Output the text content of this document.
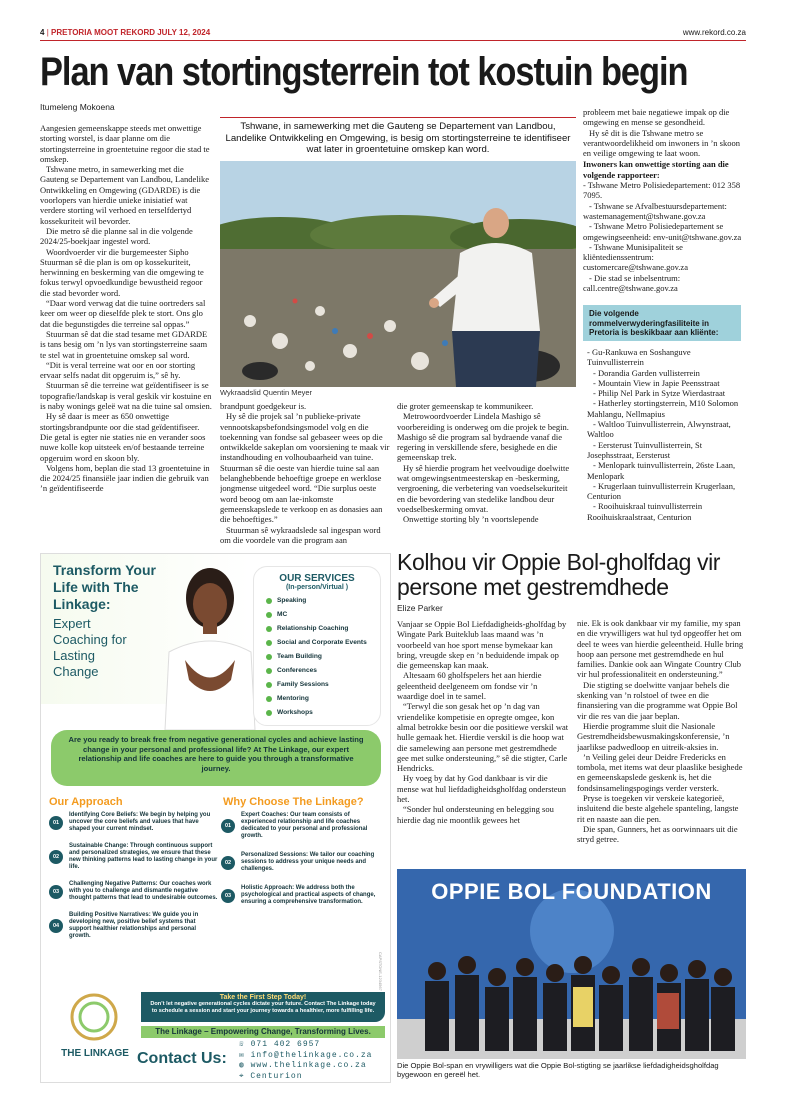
4 | PRETORIA MOOT REKORD JULY 12, 2024	www.rekord.co.za
Plan van stortingsterrein tot kostuin begin
Itumeleng Mokoena

Aangesien gemeenskappe steeds met onwettige storting worstel, is daar planne om die stortingsterreine in groentetuine regoor die stad te omskep.

Tshwane metro, in samewerking met die Gauteng se Departement van Landbou, Landelike Ontwikkeling en Omgewing (GDARDE) is die voorlopers van hierdie unieke inisiatief wat verdere storting wil verhoed en terselfdertyd kossekuriteit wil bevorder.

Die metro sê die planne sal in die volgende 2024/25-boekjaar ingestel word.

Woordvoerder vir die burgemeester Sipho Stuurman sê die plan is om op kossekuriteit, herwinning en beskerming van die omgewing te fokus terwyl opvoedkundige bewustheid regoor die stad bevorder word.

“Daar word verwag dat die tuine oortreders sal keer om weer op dieselfde plek te stort. Ons glo dat die begunstigdes die terreine sal oppas.”

Stuurman sê dat die stad tesame met GDARDE is tans besig om ’n lys van stortingsterreine saam te stel wat in groentetuine omskep sal word.

“Dit is veral terreine wat oor en oor storting ervaar selfs nadat dit opgeruim is,” sê hy.

Stuurman sê die terreine wat geïdentifiseer is se topografie/landskap is veral geskik vir kostuine en is naby wonings geleë wat na die tuine sal omsien.

Hy sê daar is meer as 650 onwettige stortingsbrandpunte oor die stad geïdentifiseer. Die getal is egter nie staties nie en verander soos nuwe kolle kop uitsteek en/of bestaande terreine opgeruim word en skoon bly.

Volgens hom, beplan die stad 13 groentetuine in die 2024/25 finansiële jaar indien die gebruik van ’n geïdentifiseerde

Tshwane, in samewerking met die Gauteng se Departement van Landbou, Landelike Ontwikkeling en Omgewing, is besig om stortingsterreine te identifiseer wat later in groentetuine omskep kan word.
Wykraadslid Quentin Meyer

brandpunt goedgekeur is.

Hy sê die projek sal ’n publieke-private vennootskapsbefondsingsmodel volg en die toekenning van fondse sal gebaseer wees op die ontwikkelde sakeplan om voorsiening te maak vir instandhouding en volhoubaarheid van tuine. Stuurman sê die oeste van hierdie tuine sal aan belanghebbende behoeftige groepe en werklose jongmense uitgedeel word. “Die surplus oeste word beoog om aan lae-inkomste gemeenskapslede te verkoop en as donasies aan die behoeftiges.”

Stuurman sê wykraadslede sal ingespan word om die voordele van die program aan

die groter gemeenskap te kommunikeer.

Metrowoordvoerder Lindela Mashigo sê voorbereiding is onderweg om die projek te begin. Mashigo sê die program sal bydraende vanaf die regering in verskillende sfere, besighede en die gemeenskap trek.

Hy sê hierdie program het veelvoudige doelwitte wat omgewingsentmeesterskap en -beskerming, vergroening, die verbetering van voedselsekuriteit en die bevordering van stedelike landbou deur voedselbeskerming omvat.

Onwettige storting bly ’n voortslepende

probleem met baie negatiewe impak op die omgewing en mense se gesondheid.

Hy sê dit is die Tshwane metro se verantwoordelikheid om inwoners in ’n skoon en veilige omgewing te laat woon.

Inwoners kan onwettige storting aan die volgende rapporteer:

- Tshwane Metro Polisiedepartement: 012 358 7095.

- Tshwane se Afvalbestuursdepartement: wastemanagement@tshwane.gov.za

- Tshwane Metro Polisiedepartement se omgewingseenheid: env-unit@tshwane.gov.za

- Tshwane Munisipaliteit se kliëntedienssentrum: customercare@tshwane.gov.za

- Die stad se inbelsentrum: call.centre@tshwane.gov.za

Die volgende rommelverwyderingfasiliteite in Pretoria is beskikbaar aan kliënte:

- Gu-Rankuwa en Soshanguve Tuinvullisterrein

- Dorandia Garden vullisterrein

- Mountain View in Japie Peensstraat

- Philip Nel Park in Sytze Wierdastraat

- Hatherley stortingsterrein, M10 Solomon Mahlangu, Nellmapius

- Waltloo Tuinvullisterrein, Alwynstraat, Waltloo

- Eersterust Tuinvullisterrein, St Josephsstraat, Eersterust

- Menlopark tuinvullisterrein, 26ste Laan, Menlopark

- Krugerlaan tuinvullisterrein Krugerlaan, Centurion

- Rooihuiskraal tuinvullisterrein Rooihuiskraalstraat, Centurion

Transform Your Life with The Linkage:
Expert Coaching for Lasting Change
OUR SERVICES
(In-person/Virtual )
Speaking
MC
Relationship Coaching
Social and Corporate Events
Team Building
Conferences
Family Sessions
Mentoring
Workshops
Are you ready to break free from negative generational cycles and achieve lasting change in your personal and professional life? At The Linkage, our expert relationship and life coaches are here to guide you through a transformative journey.
Our Approach
01
Identifying Core Beliefs: We begin by helping you uncover the core beliefs and values that have shaped your current mindset.
02
Sustainable Change: Through continuous support and personalized strategies, we ensure that these new thinking patterns lead to lasting change in your life.
03
Challenging Negative Patterns: Our coaches work with you to challenge and dismantle negative thought patterns that lead to undesirable outcomes.
04
Building Positive Narratives: We guide you in developing new, positive belief systems that support healthier relationships and personal growth.
Why Choose The Linkage?
01
Expert Coaches: Our team consists of experienced relationship and life coaches dedicated to your personal and professional growth.
02
Personalized Sessions: We tailor our coaching sessions to address your unique needs and challenges.
03
Holistic Approach: We address both the psychological and practical aspects of change, ensuring a comprehensive transformation.
CAPSTONE-1234567
Take the First Step Today!
Don’t let negative generational cycles dictate your future. Contact The Linkage today to schedule a session and start your journey towards a healthier, more fulfilling life.
The Linkage – Empowering Change, Transforming Lives.
THE LINKAGE Contact Us:
☏ 071 402 6957
✉ info@thelinkage.co.za
◍ www.thelinkage.co.za
⌖ Centurion
Kolhou vir Oppie Bol-gholfdag vir persone met gestremdhede
Elize Parker

Vanjaar se Oppie Bol Liefdadigheids-gholfdag by Wingate Park Buiteklub laas maand was ’n voorbeeld van hoe sport mense bymekaar kan bring, vreugde skep en ’n beduidende impak op die gemeenskap kan maak.

Altesaam 60 gholfspelers het aan hierdie geleentheid deelgeneem om fondse vir ’n waardige doel in te samel.

“Terwyl die son gesak het op ’n dag van vriendelike kompetisie en opregte omgee, kon almal betrokke besin oor die positiewe verskil wat hulle gemaak het. Hierdie verskil is die hoop wat die samelewing aan persone met gestremdhede gee met sulke ondersteuning,” sê die stigter, Carle Hendricks.

Hy voeg by dat hy God dankbaar is vir die mense wat hul liefdadigheidsgholfdag ondersteun het.

“Sonder hul ondersteuning en belegging sou hierdie dag nie moontlik gewees het

nie. Ek is ook dankbaar vir my familie, my span en die vrywilligers wat hul tyd opgeoffer het om deel te wees van hierdie geleentheid. Hulle bring hoop aan persone met gestremdhede en hul families. Dankie ook aan Wingate Country Club vir hul professionaliteit en ondersteuning.”

Die stigting se doelwitte vanjaar behels die skenking van ’n rolstoel of twee en die finansiering van die programme wat Oppie Bol vir die res van die jaar beplan.

Hierdie programme sluit die Nasionale Gestremdheidsbewusmakingskonferensie, ’n jaarlikse padwedloop en uitreik-aksies in.

’n Veiling gelei deur Deidre Fredericks en tombola, met items wat deur plaaslike besighede en gemeenskapslede geskenk is, het die fondsinsamelingspogings verder versterk.

Pryse is toegeken vir verskeie kategorieë, insluitend die beste algehele spanteling, langste rit en naaste aan die pen.

Die span, Gunners, het as oorwinnaars uit die stryd getree.

OPPIE BOL FOUNDATION
Die Oppie Bol-span en vrywilligers wat die Oppie Bol-stigting se jaarlikse liefdadigheidsgholfdag bygewoon en gereël het.
